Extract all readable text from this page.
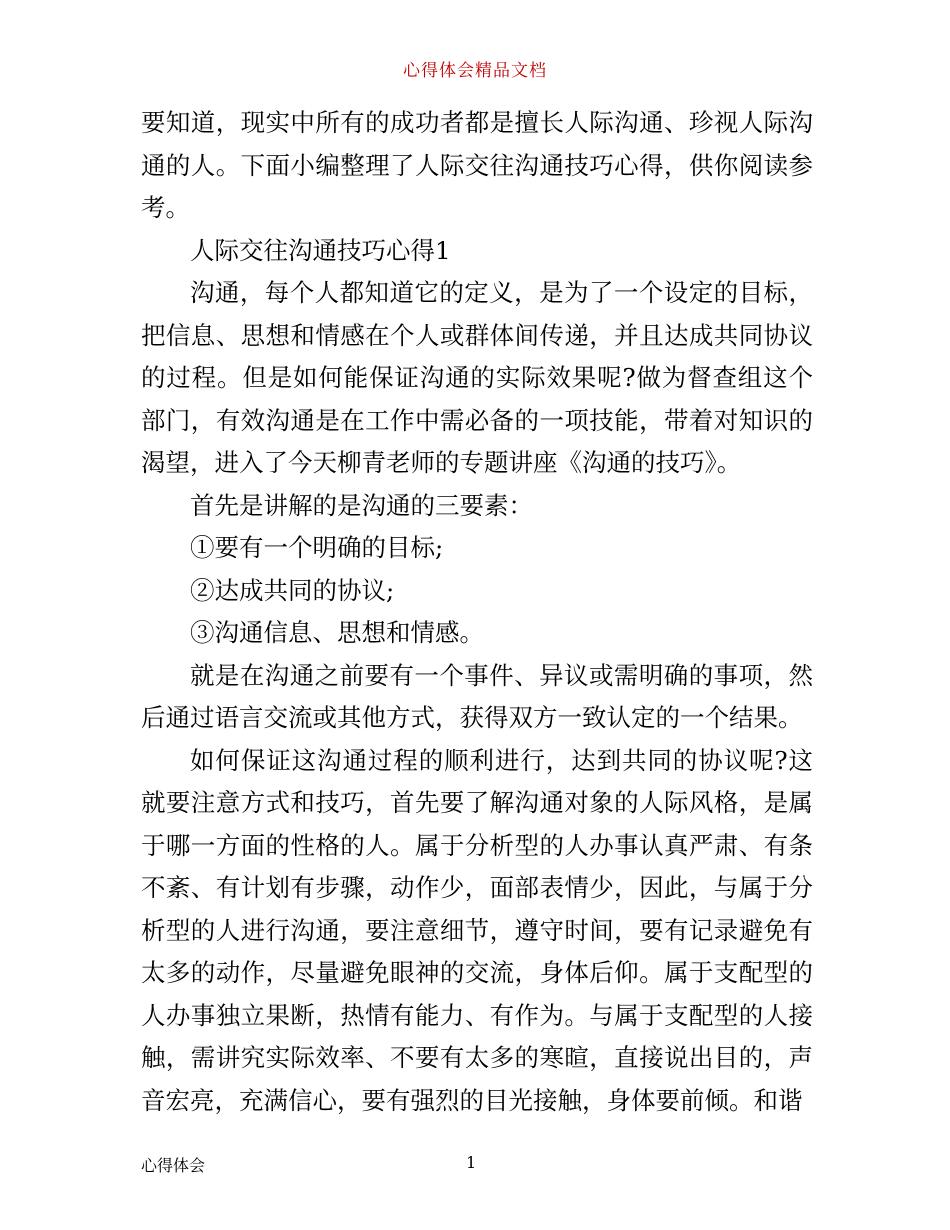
心得体会精品文档

要知道，现实中所有的成功者都是擅长人际沟通、珍视人际沟通的人。下面小编整理了人际交往沟通技巧心得，供你阅读参考。

人际交往沟通技巧心得1

沟通，每个人都知道它的定义，是为了一个设定的目标，把信息、思想和情感在个人或群体间传递，并且达成共同协议的过程。但是如何能保证沟通的实际效果呢?做为督查组这个部门，有效沟通是在工作中需必备的一项技能，带着对知识的渴望，进入了今天柳青老师的专题讲座《沟通的技巧》。

首先是讲解的是沟通的三要素：

①要有一个明确的目标;

②达成共同的协议;

③沟通信息、思想和情感。

就是在沟通之前要有一个事件、异议或需明确的事项，然后通过语言交流或其他方式，获得双方一致认定的一个结果。

如何保证这沟通过程的顺利进行，达到共同的协议呢?这就要注意方式和技巧，首先要了解沟通对象的人际风格，是属于哪一方面的性格的人。属于分析型的人办事认真严肃、有条不紊、有计划有步骤，动作少，面部表情少，因此，与属于分析型的人进行沟通，要注意细节，遵守时间，要有记录避免有太多的动作，尽量避免眼神的交流，身体后仰。属于支配型的人办事独立果断，热情有能力、有作为。与属于支配型的人接触，需讲究实际效率、不要有太多的寒暄，直接说出目的，声音宏亮，充满信心，要有强烈的目光接触，身体要前倾。和谐

心得体会	1
